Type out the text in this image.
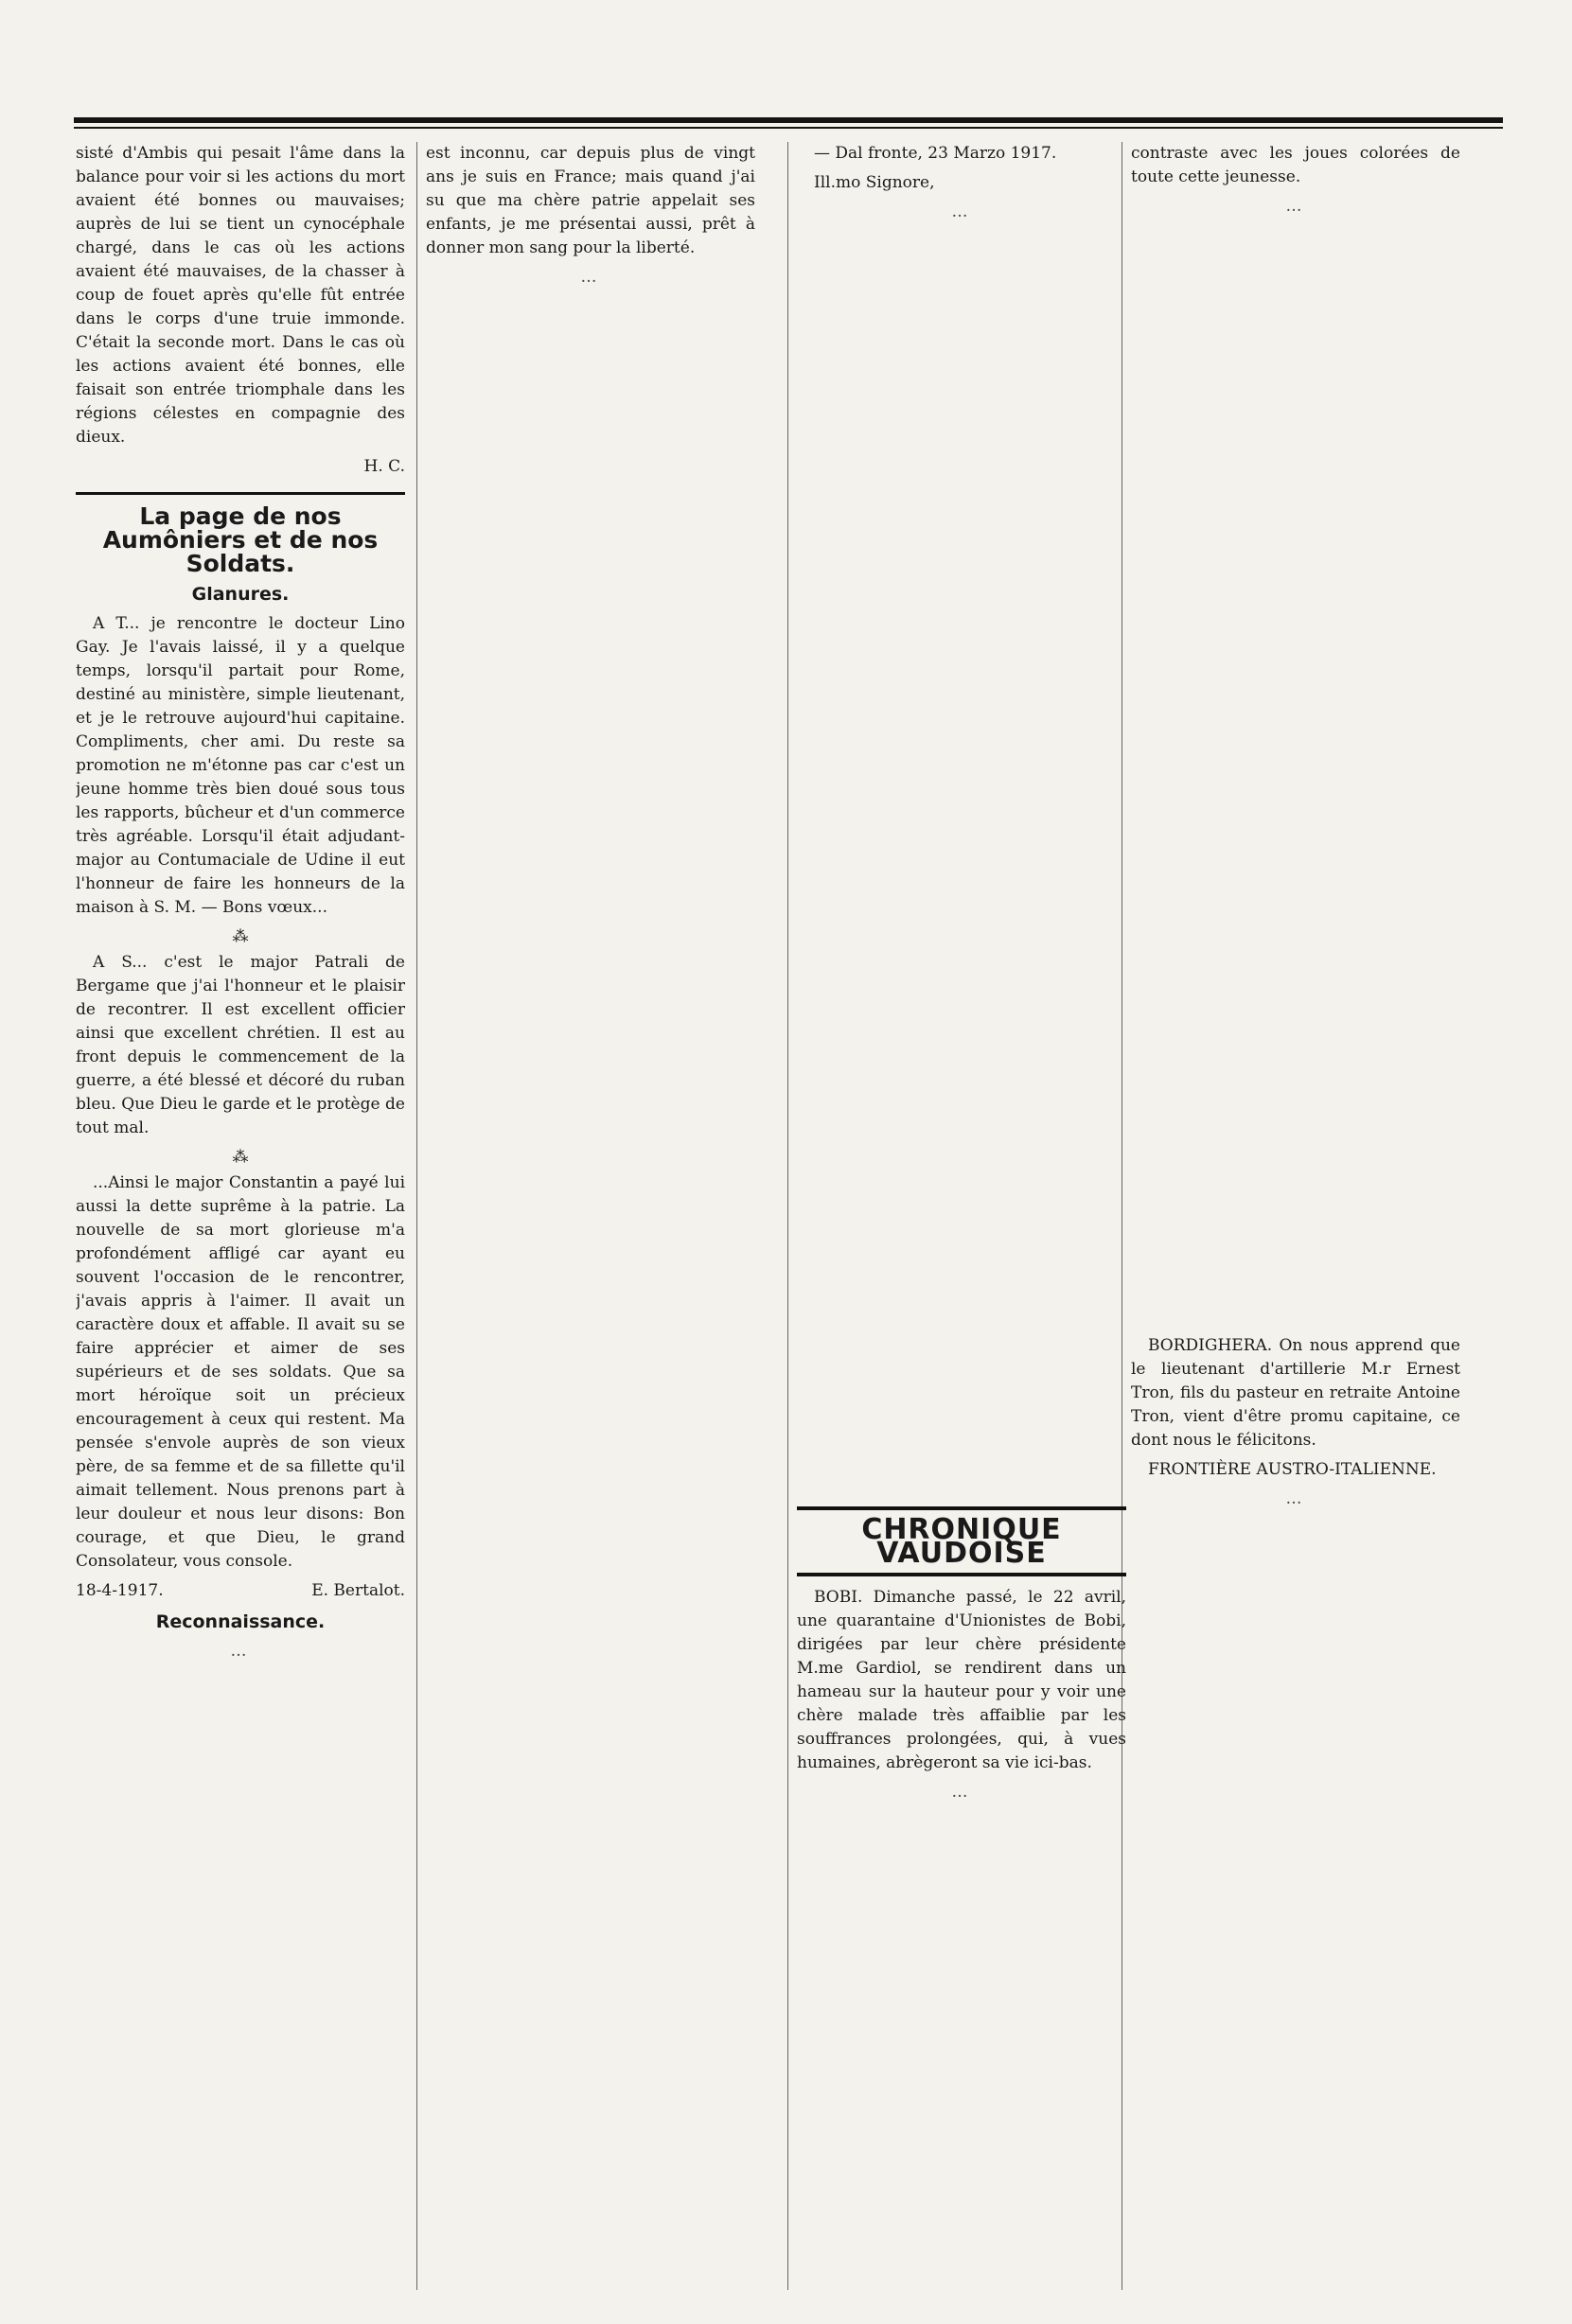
sisté d'Ambis qui pesait l'âme dans la balance pour voir si les actions du mort avaient été bonnes ou mauvaises; auprès de lui se tient un cynocéphale chargé, dans le cas où les actions avaient été mauvaises, de la chasser à coup de fouet après qu'elle fût entrée dans le corps d'une truie immonde. C'était la seconde mort. Dans le cas où les actions avaient été bonnes, elle faisait son entrée triomphale dans les régions célestes en compagnie des dieux.

H. C.

La page de nos Aumôniers et de nos Soldats.
Glanures.

A T... je rencontre le docteur Lino Gay. Je l'avais laissé, il y a quelque temps, lorsqu'il partait pour Rome, destiné au ministère, simple lieutenant, et je le retrouve aujourd'hui capitaine. Compliments, cher ami. Du reste sa promotion ne m'étonne pas car c'est un jeune homme très bien doué sous tous les rapports, bûcheur et d'un commerce très agréable. Lorsqu'il était adjudant-major au Contumaciale de Udine il eut l'honneur de faire les honneurs de la maison à S. M. — Bons vœux...

⁂

A S... c'est le major Patrali de Bergame que j'ai l'honneur et le plaisir de recontrer. Il est excellent officier ainsi que excellent chrétien. Il est au front depuis le commencement de la guerre, a été blessé et décoré du ruban bleu. Que Dieu le garde et le protège de tout mal.

⁂

...Ainsi le major Constantin a payé lui aussi la dette suprême à la patrie. La nouvelle de sa mort glorieuse m'a profondément affligé car ayant eu souvent l'occasion de le rencontrer, j'avais appris à l'aimer. Il avait un caractère doux et affable. Il avait su se faire apprécier et aimer de ses supérieurs et de ses soldats. Que sa mort héroïque soit un précieux encouragement à ceux qui restent. Ma pensée s'envole auprès de son vieux père, de sa femme et de sa fillette qu'il aimait tellement. Nous prenons part à leur douleur et nous leur disons: Bon courage, et que Dieu, le grand Consolateur, vous console.

18-4-1917.	E. Bertalot.
Reconnaissance.
…

est inconnu, car depuis plus de vingt ans je suis en France; mais quand j'ai su que ma chère patrie appelait ses enfants, je me présentai aussi, prêt à donner mon sang pour la liberté.

…

— Dal fronte, 23 Marzo 1917.

Ill.mo Signore,

…
CHRONIQUE VAUDOISE

BOBI. Dimanche passé, le 22 avril, une quarantaine d'Unionistes de Bobi, dirigées par leur chère présidente M.me Gardiol, se rendirent dans un hameau sur la hauteur pour y voir une chère malade très affaiblie par les souffrances prolongées, qui, à vues humaines, abrègeront sa vie ici-bas.

…

contraste avec les joues colorées de toute cette jeunesse.

…

BORDIGHERA. On nous apprend que le lieutenant d'artillerie M.r Ernest Tron, fils du pasteur en retraite Antoine Tron, vient d'être promu capitaine, ce dont nous le félicitons.

FRONTIÈRE AUSTRO-ITALIENNE.

…
